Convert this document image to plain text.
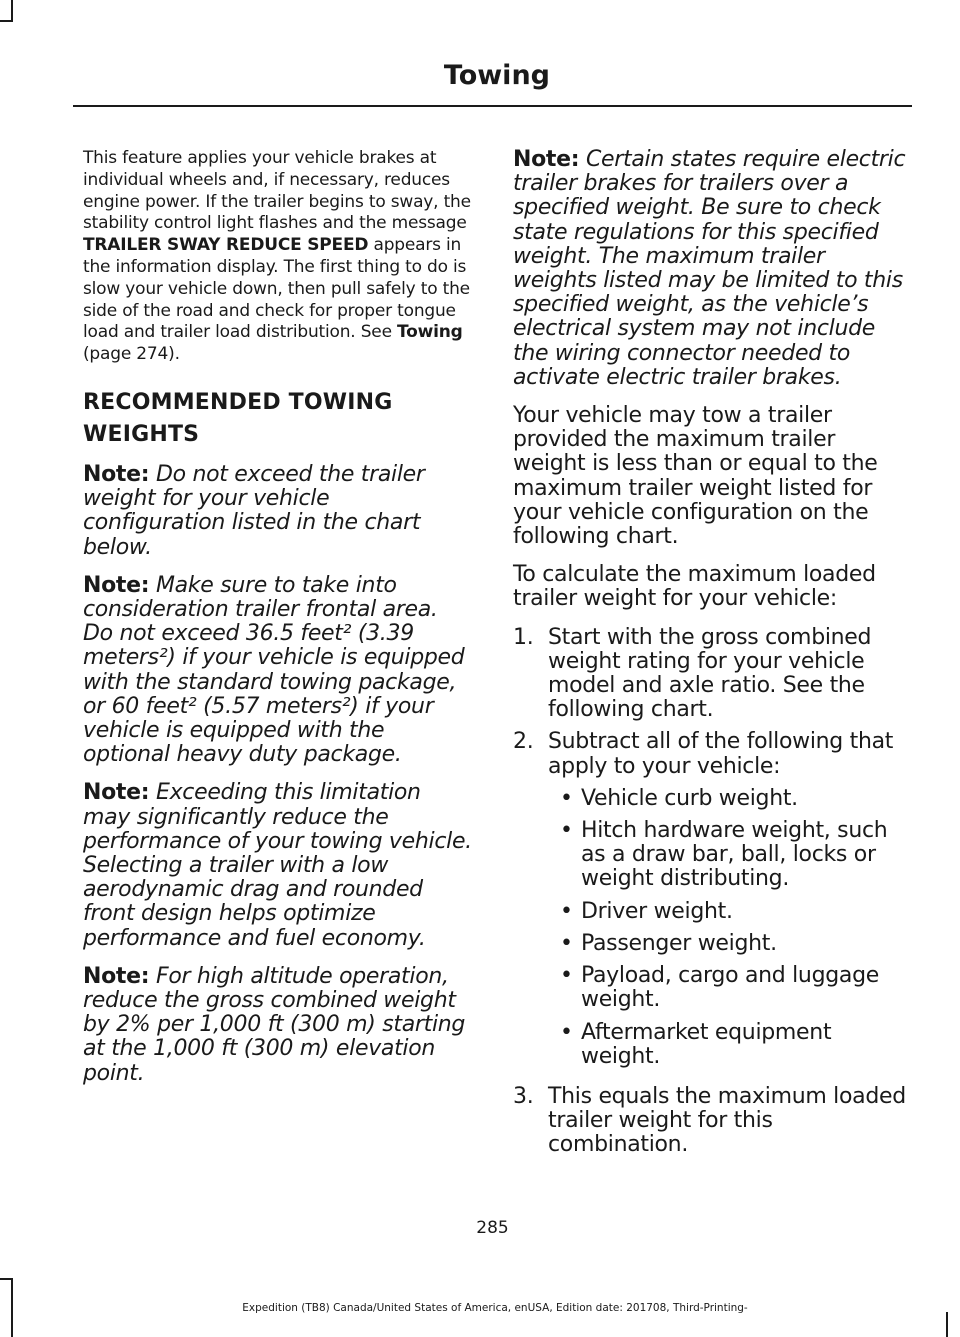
Towing

This feature applies your vehicle brakes at individual wheels and, if necessary, reduces engine power. If the trailer begins to sway, the stability control light flashes and the message TRAILER SWAY REDUCE SPEED appears in the information display. The first thing to do is slow your vehicle down, then pull safely to the side of the road and check for proper tongue load and trailer load distribution. See Towing (page 274).

RECOMMENDED TOWING
WEIGHTS

Note: Do not exceed the trailer weight for your vehicle configuration listed in the chart below.

Note: Make sure to take into consideration trailer frontal area. Do not exceed 36.5 feet² (3.39 meters²) if your vehicle is equipped with the standard towing package, or 60 feet² (5.57 meters²) if your vehicle is equipped with the optional heavy duty package.

Note: Exceeding this limitation may significantly reduce the performance of your towing vehicle. Selecting a trailer with a low aerodynamic drag and rounded front design helps optimize performance and fuel economy.

Note: For high altitude operation, reduce the gross combined weight by 2% per 1,000 ft (300 m) starting at the 1,000 ft (300 m) elevation point.

Note: Certain states require electric trailer brakes for trailers over a specified weight. Be sure to check state regulations for this specified weight. The maximum trailer weights listed may be limited to this specified weight, as the vehicle’s electrical system may not include the wiring connector needed to activate electric trailer brakes.

Your vehicle may tow a trailer provided the maximum trailer weight is less than or equal to the maximum trailer weight listed for your vehicle configuration on the following chart.

To calculate the maximum loaded trailer weight for your vehicle:

1. Start with the gross combined weight rating for your vehicle model and axle ratio. See the following chart.
2. Subtract all of the following that apply to your vehicle:
• Vehicle curb weight.
• Hitch hardware weight, such as a draw bar, ball, locks or weight distributing.
• Driver weight.
• Passenger weight.
• Payload, cargo and luggage weight.
• Aftermarket equipment weight.
3. This equals the maximum loaded trailer weight for this combination.
285
Expedition (TB8) Canada/United States of America, enUSA, Edition date: 201708, Third-Printing-
